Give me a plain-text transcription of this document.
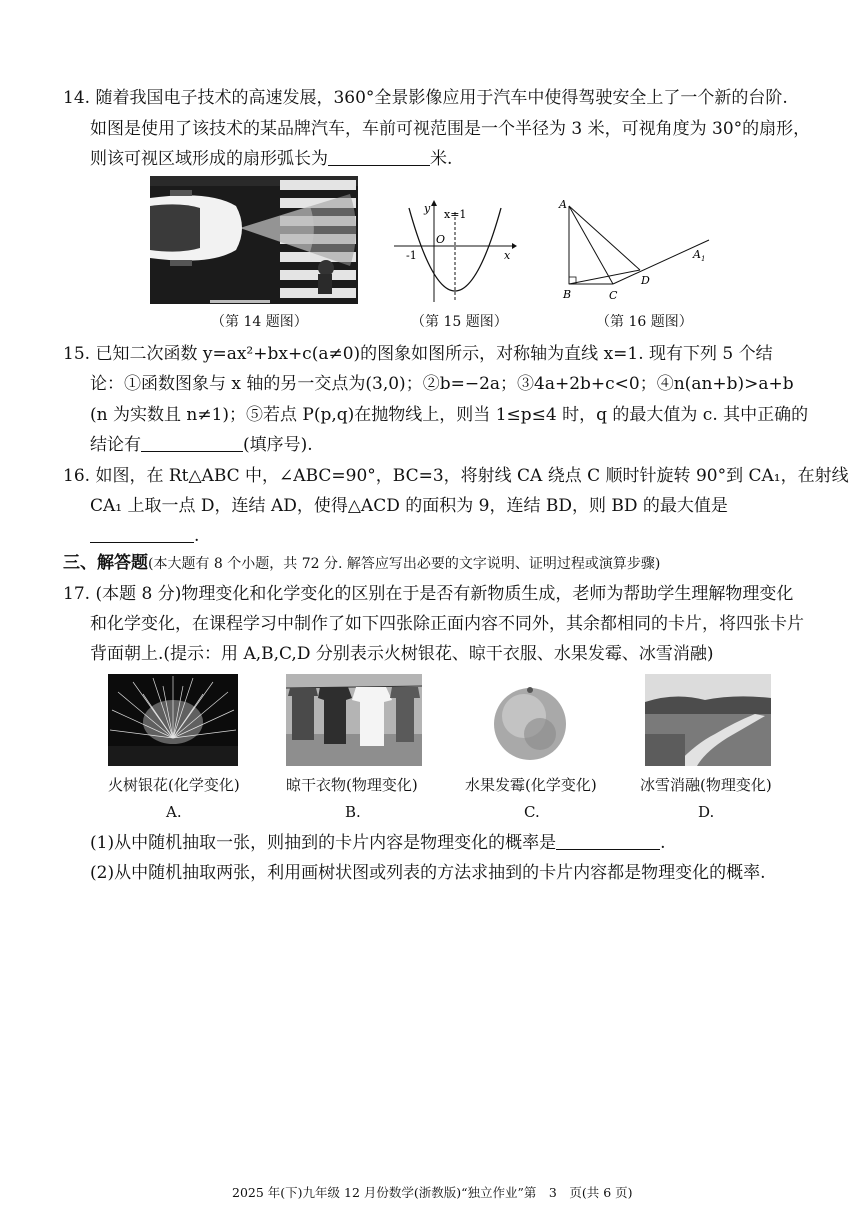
14. 随着我国电子技术的高速发展，360°全景影像应用于汽车中使得驾驶安全上了一个新的台阶.
如图是使用了该技术的某品牌汽车，车前可视范围是一个半径为 3 米，可视角度为 30°的扇形，
则该可视区域形成的扇形弧长为	米.
y
x
x=1
O
-1
A
B	C
D
$A_1$
（第 14 题图）	（第 15 题图）	（第 16 题图）
15. 已知二次函数 y=ax²+bx+c(a≠0)的图象如图所示，对称轴为直线 x=1. 现有下列 5 个结
论：①函数图象与 x 轴的另一交点为(3,0)；②b=−2a；③4a+2b+c<0；④n(an+b)>a+b
(n 为实数且 n≠1)；⑤若点 P(p,q)在抛物线上，则当 1≤p≤4 时，q 的最大值为 c. 其中正确的
结论有	(填序号).
16. 如图，在 Rt△ABC 中，∠ABC=90°，BC=3，将射线 CA 绕点 C 顺时针旋转 90°到 CA₁，在射线
CA₁ 上取一点 D，连结 AD，使得△ACD 的面积为 9，连结 BD，则 BD 的最大值是
.
三、解答题(本大题有 8 个小题，共 72 分. 解答应写出必要的文字说明、证明过程或演算步骤)
17. (本题 8 分)物理变化和化学变化的区别在于是否有新物质生成，老师为帮助学生理解物理变化
和化学变化，在课程学习中制作了如下四张除正面内容不同外，其余都相同的卡片，将四张卡片
背面朝上.(提示：用 A,B,C,D 分别表示火树银花、晾干衣服、水果发霉、冰雪消融)
火树银花(化学变化)	晾干衣物(物理变化)	水果发霉(化学变化)	冰雪消融(物理变化)
A.	B.	C.	D.
(1)从中随机抽取一张，则抽到的卡片内容是物理变化的概率是	.
(2)从中随机抽取两张，利用画树状图或列表的方法求抽到的卡片内容都是物理变化的概率.
2025 年(下)九年级 12 月份数学(浙教版)“独立作业”第　3　页(共 6 页)
